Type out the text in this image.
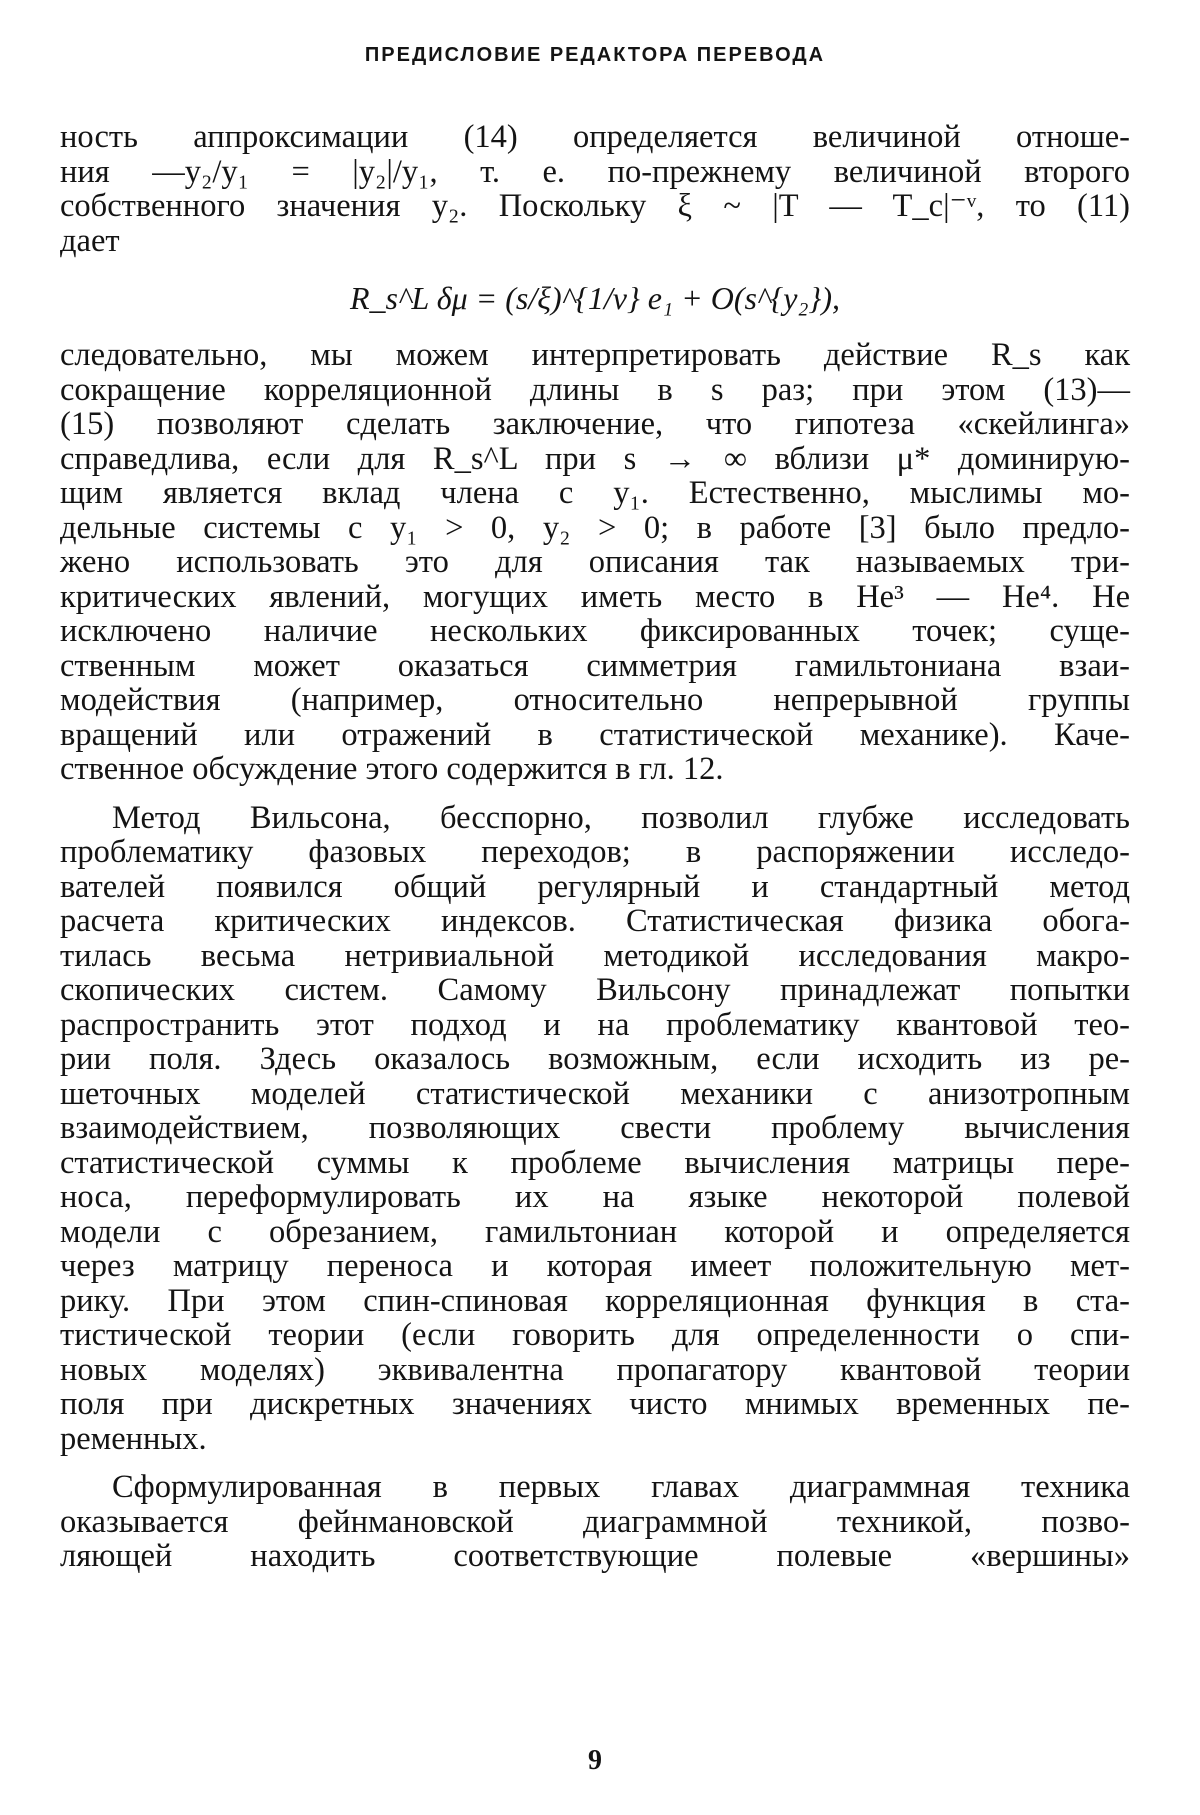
ПРЕДИСЛОВИЕ РЕДАКТОРА ПЕРЕВОДА
ность аппроксимации (14) определяется величиной отноше-
ния —y₂/y₁ = |y₂|/y₁, т. е. по-прежнему величиной второго
собственного значения y₂. Поскольку ξ ~ |T — T_c|⁻ᵛ, то (11)
дает
R_s^L δμ = (s/ξ)^{1/ν} e₁ + O(s^{y₂}),
следовательно, мы можем интерпретировать действие R_s как
сокращение корреляционной длины в s раз; при этом (13)—
(15) позволяют сделать заключение, что гипотеза «скейлинга»
справедлива, если для R_s^L при s → ∞ вблизи μ* доминирую-
щим является вклад члена с y₁. Естественно, мыслимы мо-
дельные системы с y₁ > 0, y₂ > 0; в работе [3] было предло-
жено использовать это для описания так называемых три-
критических явлений, могущих иметь место в He³ — He⁴. Не
исключено наличие нескольких фиксированных точек; суще-
ственным может оказаться симметрия гамильтониана взаи-
модействия (например, относительно непрерывной группы
вращений или отражений в статистической механике). Каче-
ственное обсуждение этого содержится в гл. 12.
Метод Вильсона, бесспорно, позволил глубже исследовать
проблематику фазовых переходов; в распоряжении исследо-
вателей появился общий регулярный и стандартный метод
расчета критических индексов. Статистическая физика обога-
тилась весьма нетривиальной методикой исследования макро-
скопических систем. Самому Вильсону принадлежат попытки
распространить этот подход и на проблематику квантовой тео-
рии поля. Здесь оказалось возможным, если исходить из ре-
шеточных моделей статистической механики с анизотропным
взаимодействием, позволяющих свести проблему вычисления
статистической суммы к проблеме вычисления матрицы пере-
носа, переформулировать их на языке некоторой полевой
модели с обрезанием, гамильтониан которой и определяется
через матрицу переноса и которая имеет положительную мет-
рику. При этом спин-спиновая корреляционная функция в ста-
тистической теории (если говорить для определенности о спи-
новых моделях) эквивалентна пропагатору квантовой теории
поля при дискретных значениях чисто мнимых временных пе-
ременных.
Сформулированная в первых главах диаграммная техника
оказывается фейнмановской диаграммной техникой, позво-
ляющей находить соответствующие полевые «вершины»
9
